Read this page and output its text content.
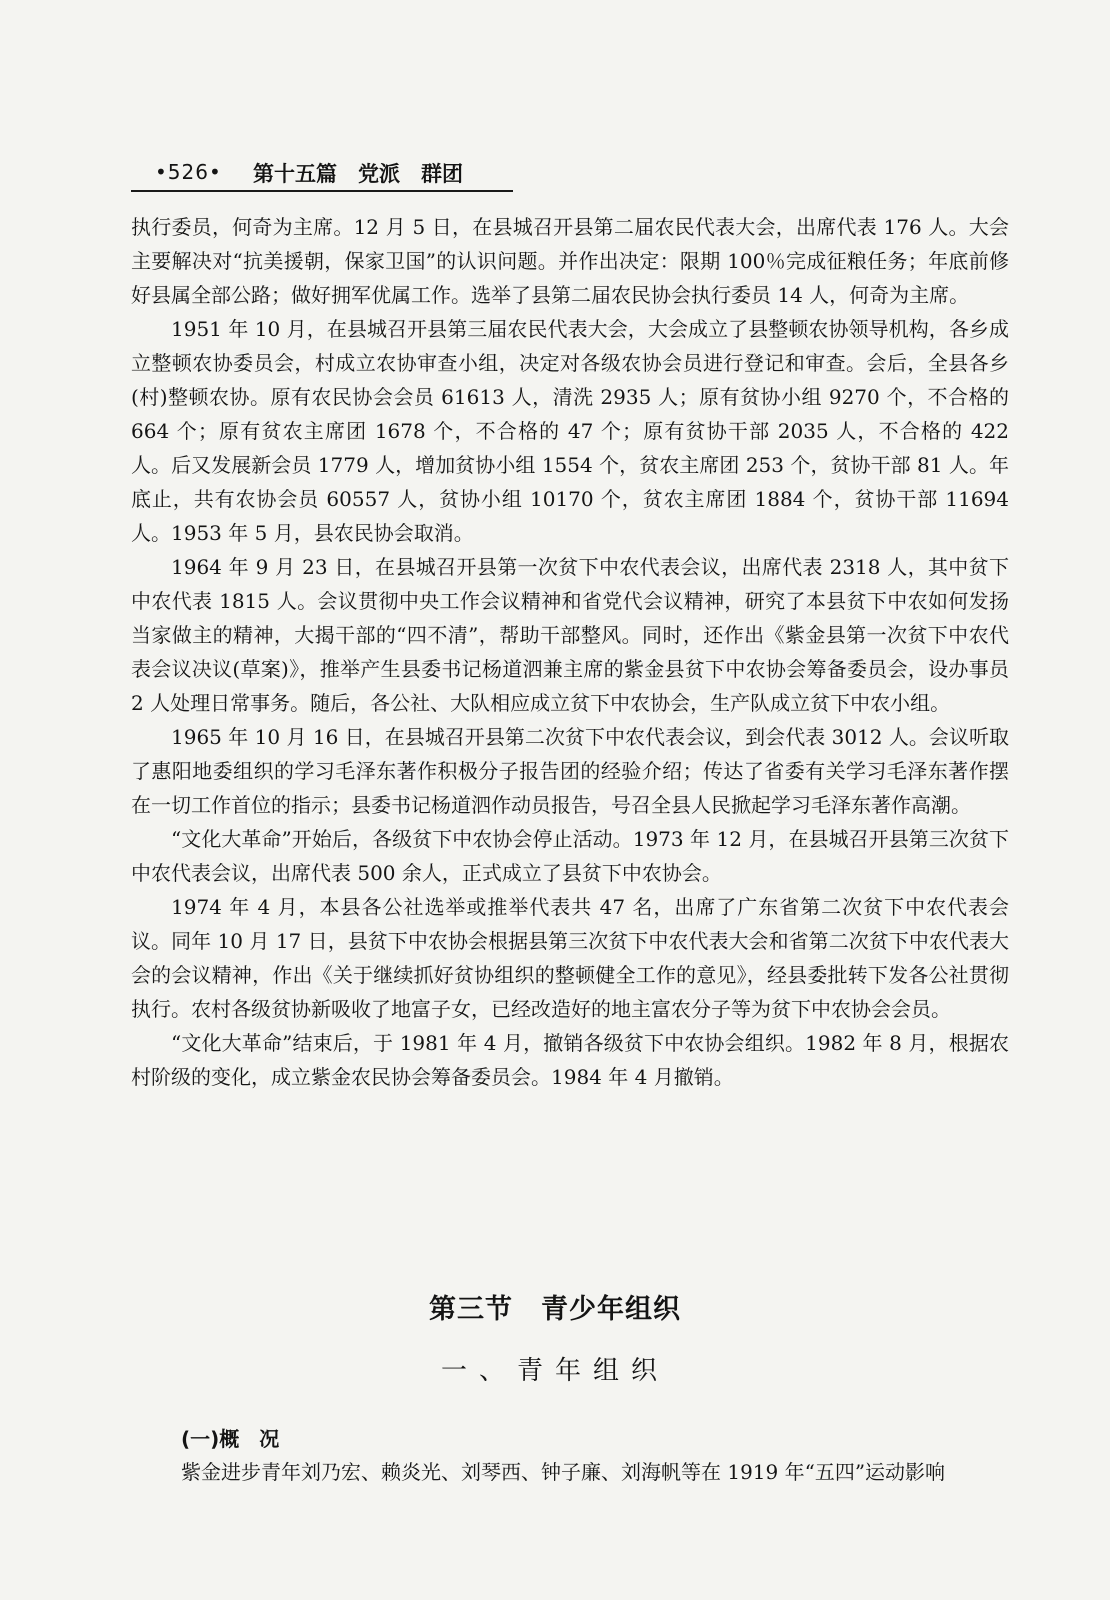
•526• 第十五篇　党派　群团

执行委员，何奇为主席。12 月 5 日，在县城召开县第二届农民代表大会，出席代表 176 人。大会主要解决对“抗美援朝，保家卫国”的认识问题。并作出决定：限期 100％完成征粮任务；年底前修好县属全部公路；做好拥军优属工作。选举了县第二届农民协会执行委员 14 人，何奇为主席。

1951 年 10 月，在县城召开县第三届农民代表大会，大会成立了县整顿农协领导机构，各乡成立整顿农协委员会，村成立农协审查小组，决定对各级农协会员进行登记和审查。会后，全县各乡(村)整顿农协。原有农民协会会员 61613 人，清洗 2935 人；原有贫协小组 9270 个，不合格的 664 个；原有贫农主席团 1678 个，不合格的 47 个；原有贫协干部 2035 人，不合格的 422 人。后又发展新会员 1779 人，增加贫协小组 1554 个，贫农主席团 253 个，贫协干部 81 人。年底止，共有农协会员 60557 人，贫协小组 10170 个，贫农主席团 1884 个，贫协干部 11694 人。1953 年 5 月，县农民协会取消。

1964 年 9 月 23 日，在县城召开县第一次贫下中农代表会议，出席代表 2318 人，其中贫下中农代表 1815 人。会议贯彻中央工作会议精神和省党代会议精神，研究了本县贫下中农如何发扬当家做主的精神，大揭干部的“四不清”，帮助干部整风。同时，还作出《紫金县第一次贫下中农代表会议决议(草案)》，推举产生县委书记杨道泗兼主席的紫金县贫下中农协会筹备委员会，设办事员 2 人处理日常事务。随后，各公社、大队相应成立贫下中农协会，生产队成立贫下中农小组。

1965 年 10 月 16 日，在县城召开县第二次贫下中农代表会议，到会代表 3012 人。会议听取了惠阳地委组织的学习毛泽东著作积极分子报告团的经验介绍；传达了省委有关学习毛泽东著作摆在一切工作首位的指示；县委书记杨道泗作动员报告，号召全县人民掀起学习毛泽东著作高潮。

“文化大革命”开始后，各级贫下中农协会停止活动。1973 年 12 月，在县城召开县第三次贫下中农代表会议，出席代表 500 余人，正式成立了县贫下中农协会。

1974 年 4 月，本县各公社选举或推举代表共 47 名，出席了广东省第二次贫下中农代表会议。同年 10 月 17 日，县贫下中农协会根据县第三次贫下中农代表大会和省第二次贫下中农代表大会的会议精神，作出《关于继续抓好贫协组织的整顿健全工作的意见》，经县委批转下发各公社贯彻执行。农村各级贫协新吸收了地富子女，已经改造好的地主富农分子等为贫下中农协会会员。

“文化大革命”结束后，于 1981 年 4 月，撤销各级贫下中农协会组织。1982 年 8 月，根据农村阶级的变化，成立紫金农民协会筹备委员会。1984 年 4 月撤销。

第三节　青少年组织
一、青年组织
(一)概　况
紫金进步青年刘乃宏、赖炎光、刘琴西、钟子廉、刘海帆等在 1919 年“五四”运动影响
